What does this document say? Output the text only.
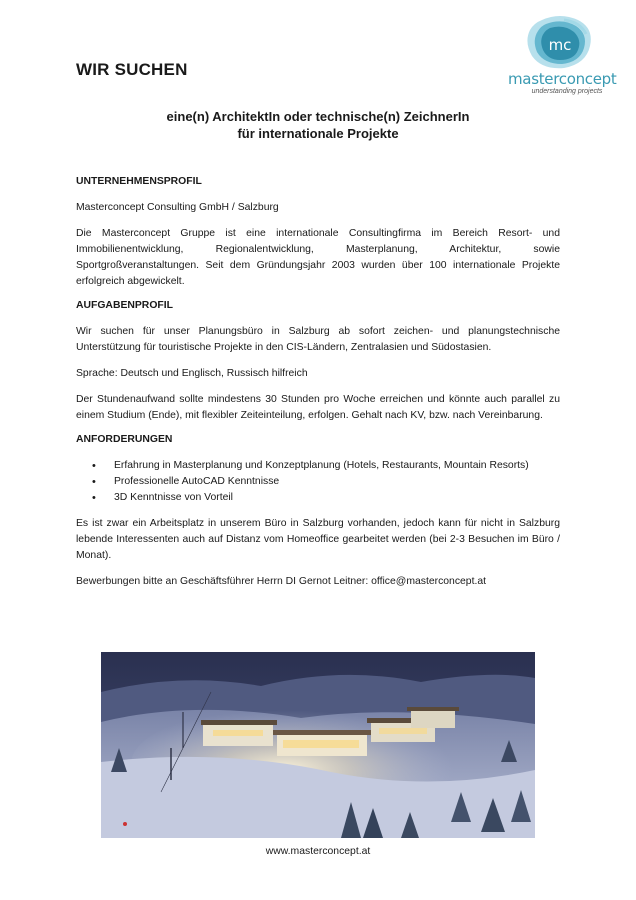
WIR SUCHEN
mc
masterconcept
understanding projects
eine(n) ArchitektIn oder technische(n) ZeichnerIn
für internationale Projekte
UNTERNEHMENSPROFIL

Masterconcept Consulting GmbH / Salzburg

Die Masterconcept Gruppe ist eine internationale Consultingfirma im Bereich Resort- und Immobilienentwicklung, Regionalentwicklung, Masterplanung, Architektur, sowie Sportgroßveranstaltungen. Seit dem Gründungsjahr 2003 wurden über 100 internationale Projekte erfolgreich abgewickelt.

AUFGABENPROFIL

Wir suchen für unser Planungsbüro in Salzburg ab sofort zeichen- und planungstechnische Unterstützung für touristische Projekte in den CIS-Ländern, Zentralasien und Südostasien.

Sprache: Deutsch und Englisch, Russisch hilfreich

Der Stundenaufwand sollte mindestens 30 Stunden pro Woche erreichen und könnte auch parallel zu einem Studium (Ende), mit flexibler Zeiteinteilung, erfolgen. Gehalt nach KV, bzw. nach Vereinbarung.

ANFORDERUNGEN
• Erfahrung in Masterplanung und Konzeptplanung (Hotels, Restaurants, Mountain Resorts)
• Professionelle AutoCAD Kenntnisse
• 3D Kenntnisse von Vorteil

Es ist zwar ein Arbeitsplatz in unserem Büro in Salzburg vorhanden, jedoch kann für nicht in Salzburg lebende Interessenten auch auf Distanz vom Homeoffice gearbeitet werden (bei 2-3 Besuchen im Büro / Monat).

Bewerbungen bitte an Geschäftsführer Herrn DI Gernot Leitner: office@masterconcept.at

www.masterconcept.at
